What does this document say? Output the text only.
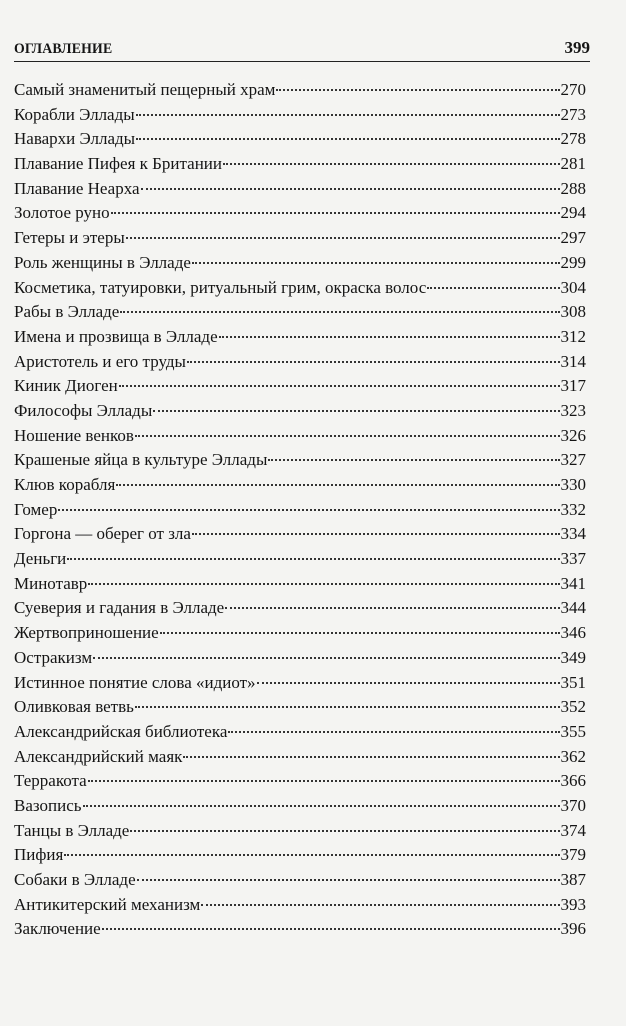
ОГЛАВЛЕНИЕ	399
Самый знаменитый пещерный храм	270
Корабли Эллады	273
Навархи Эллады	278
Плавание Пифея к Британии	281
Плавание Неарха	288
Золотое руно	294
Гетеры и этеры	297
Роль женщины в Элладе	299
Косметика, татуировки, ритуальный грим, окраска волос	304
Рабы в Элладе	308
Имена и прозвища в Элладе	312
Аристотель и его труды	314
Киник Диоген	317
Философы Эллады	323
Ношение венков	326
Крашеные яйца в культуре Эллады	327
Клюв корабля	330
Гомер	332
Горгона — оберег от зла	334
Деньги	337
Минотавр	341
Суеверия и гадания в Элладе	344
Жертвоприношение	346
Остракизм	349
Истинное понятие слова «идиот»	351
Оливковая ветвь	352
Александрийская библиотека	355
Александрийский маяк	362
Терракота	366
Вазопись	370
Танцы в Элладе	374
Пифия	379
Собаки в Элладе	387
Антикитерский механизм	393
Заключение	396
